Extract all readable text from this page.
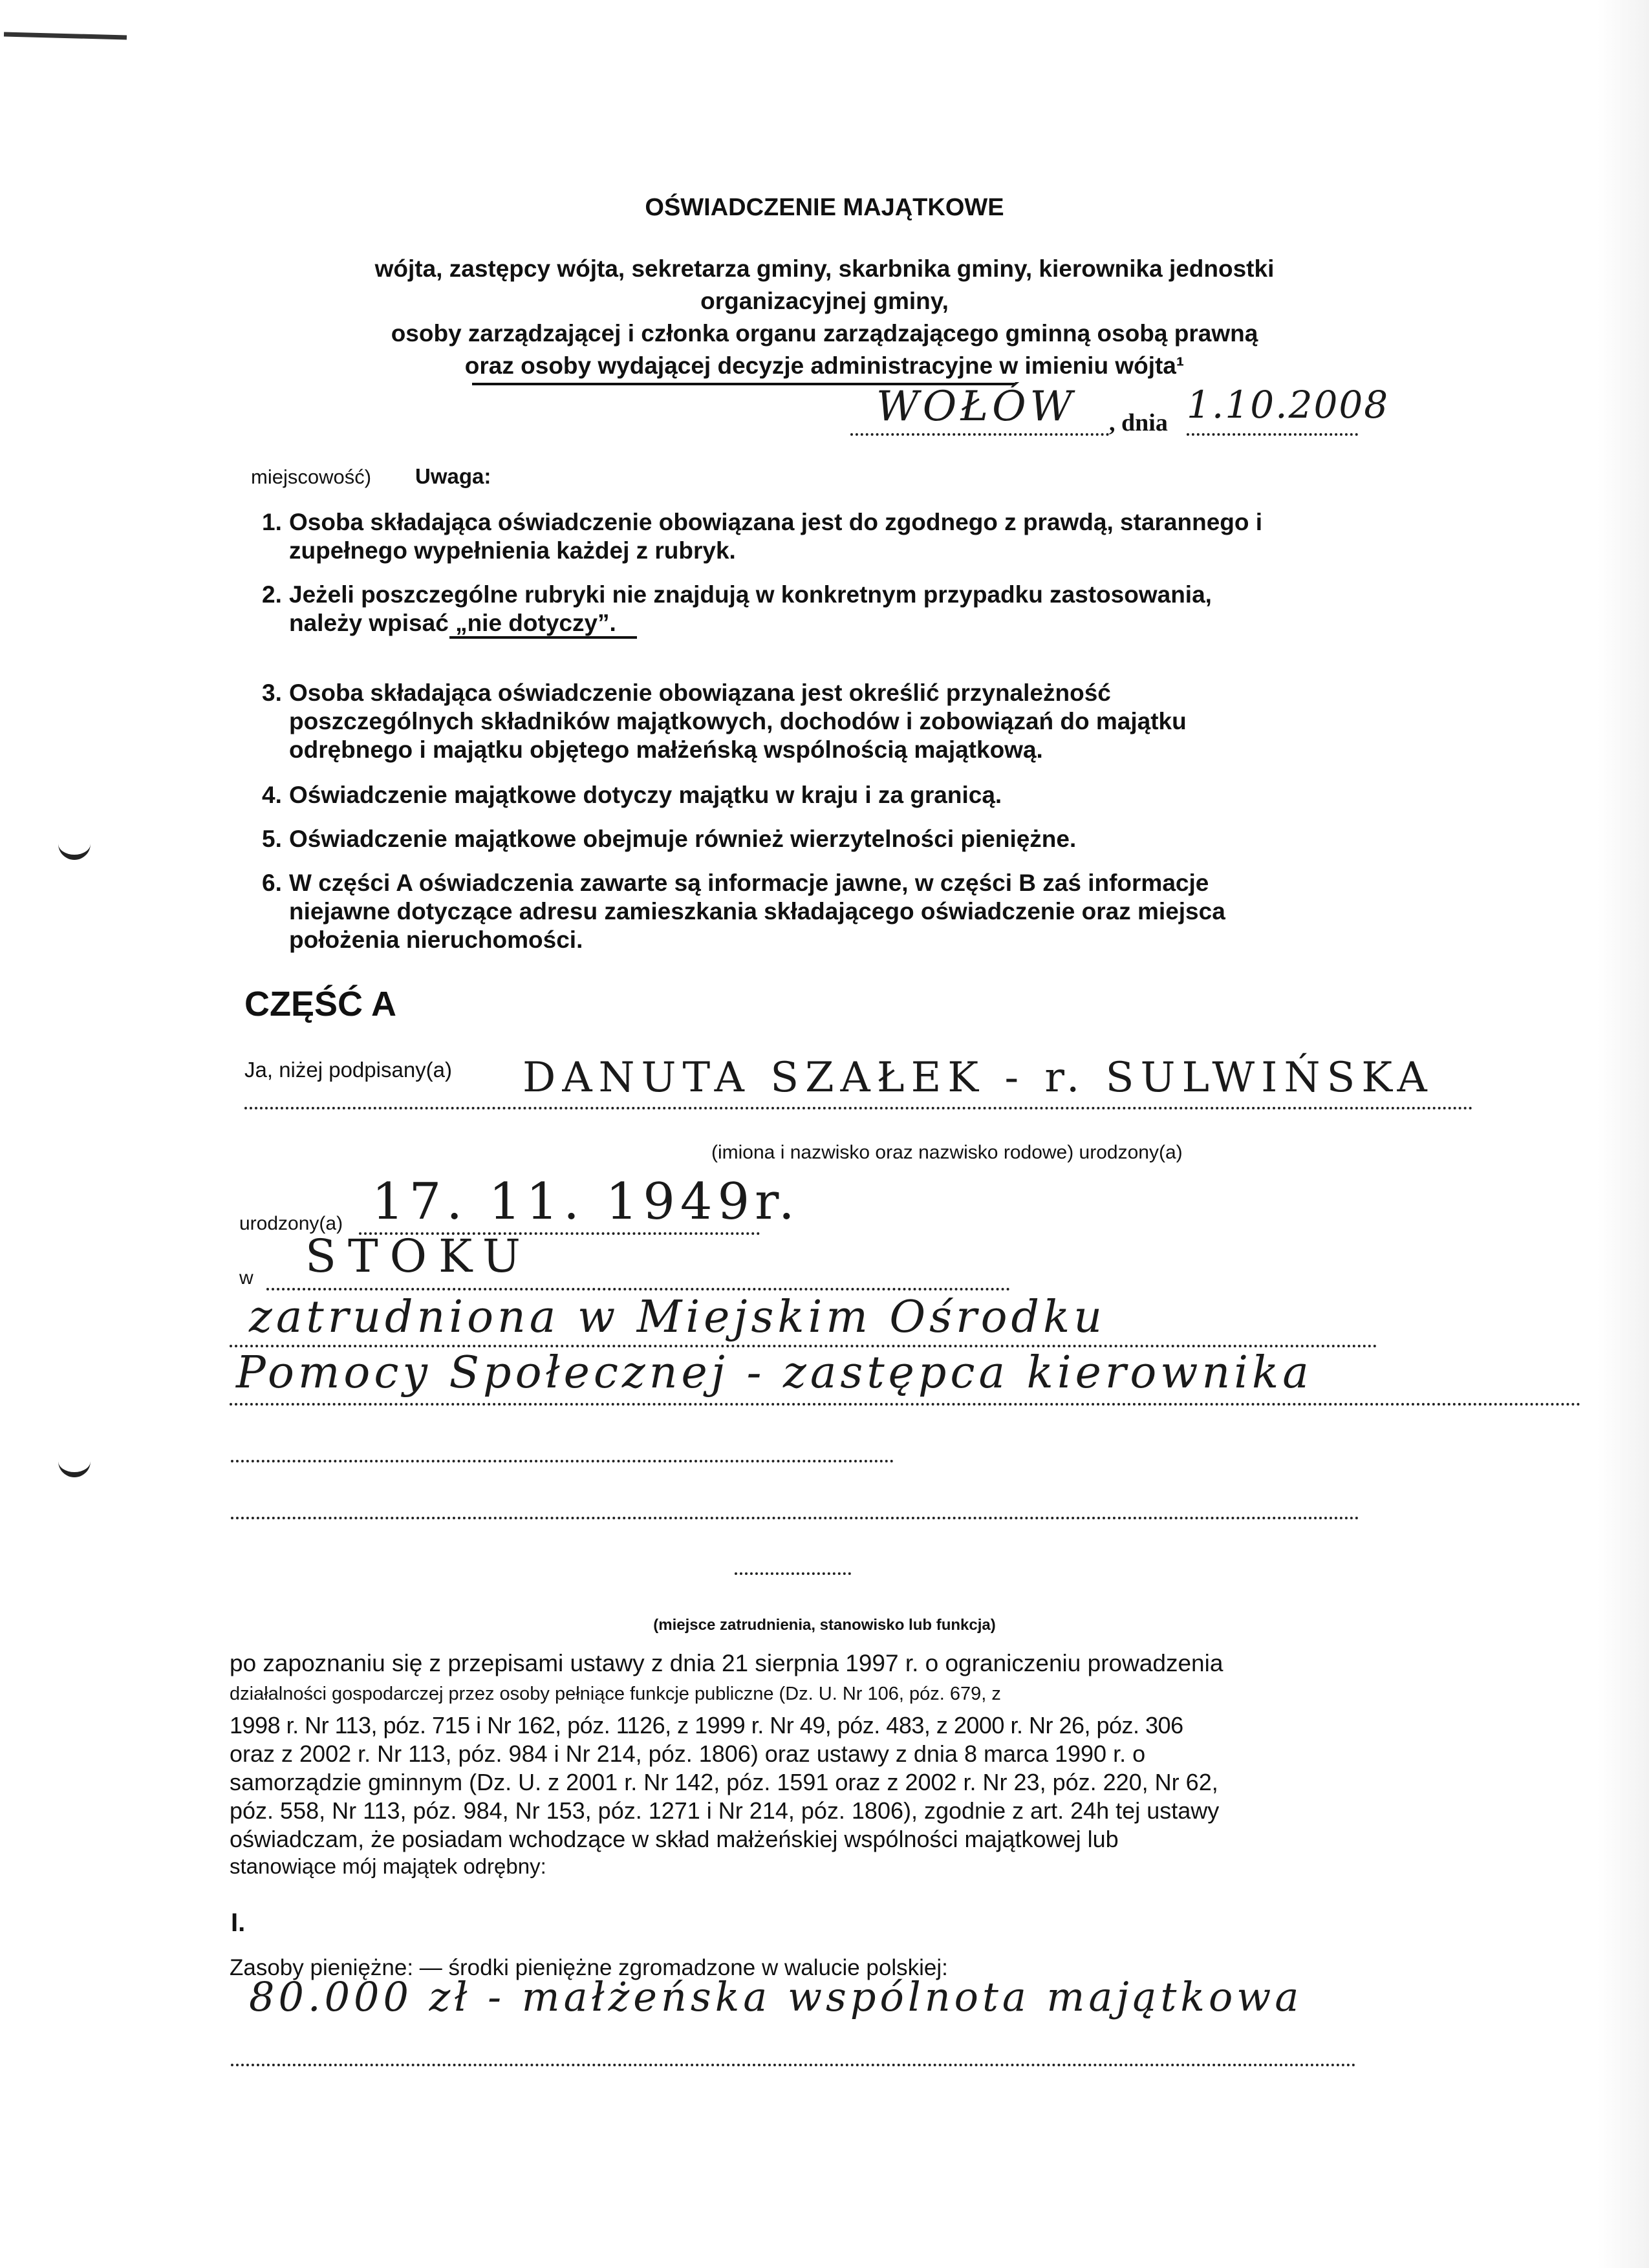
OŚWIADCZENIE MAJĄTKOWE
wójta, zastępcy wójta, sekretarza gminy, skarbnika gminy, kierownika jednostki
organizacyjnej gminy,
osoby zarządzającej i członka organu zarządzającego gminną osobą prawną
oraz osoby wydającej decyzje administracyjne w imieniu wójta¹
WOŁÓW , dnia 1.10.2008
miejscowość) Uwaga:
1. Osoba składająca oświadczenie obowiązana jest do zgodnego z prawdą, starannego i
zupełnego wypełnienia każdej z rubryk.
2. Jeżeli poszczególne rubryki nie znajdują w konkretnym przypadku zastosowania,
należy wpisać „nie dotyczy”.
3. Osoba składająca oświadczenie obowiązana jest określić przynależność
poszczególnych składników majątkowych, dochodów i zobowiązań do majątku
odrębnego i majątku objętego małżeńską wspólnością majątkową.
4. Oświadczenie majątkowe dotyczy majątku w kraju i za granicą.
5. Oświadczenie majątkowe obejmuje również wierzytelności pieniężne.
6. W części A oświadczenia zawarte są informacje jawne, w części B zaś informacje
niejawne dotyczące adresu zamieszkania składającego oświadczenie oraz miejsca
położenia nieruchomości.
CZĘŚĆ A
Ja, niżej podpisany(a) DANUTA SZAŁEK - r. SULWIŃSKA
(imiona i nazwisko oraz nazwisko rodowe) urodzony(a)
urodzony(a) 17. 11. 1949r.
w STOKU
zatrudniona w Miejskim Ośrodku
Pomocy Społecznej - zastępca kierownika
(miejsce zatrudnienia, stanowisko lub funkcja)
po zapoznaniu się z przepisami ustawy z dnia 21 sierpnia 1997 r. o ograniczeniu prowadzenia
działalności gospodarczej przez osoby pełniące funkcje publiczne (Dz. U. Nr 106, póz. 679, z
1998 r. Nr 113, póz. 715 i Nr 162, póz. 1126, z 1999 r. Nr 49, póz. 483, z 2000 r. Nr 26, póz. 306
oraz z 2002 r. Nr 113, póz. 984 i Nr 214, póz. 1806) oraz ustawy z dnia 8 marca 1990 r. o
samorządzie gminnym (Dz. U. z 2001 r. Nr 142, póz. 1591 oraz z 2002 r. Nr 23, póz. 220, Nr 62,
póz. 558, Nr 113, póz. 984, Nr 153, póz. 1271 i Nr 214, póz. 1806), zgodnie z art. 24h tej ustawy
oświadczam, że posiadam wchodzące w skład małżeńskiej wspólności majątkowej lub
stanowiące mój majątek odrębny:
I.
Zasoby pieniężne: — środki pieniężne zgromadzone w walucie polskiej:
80.000 zł - małżeńska wspólnota majątkowa
